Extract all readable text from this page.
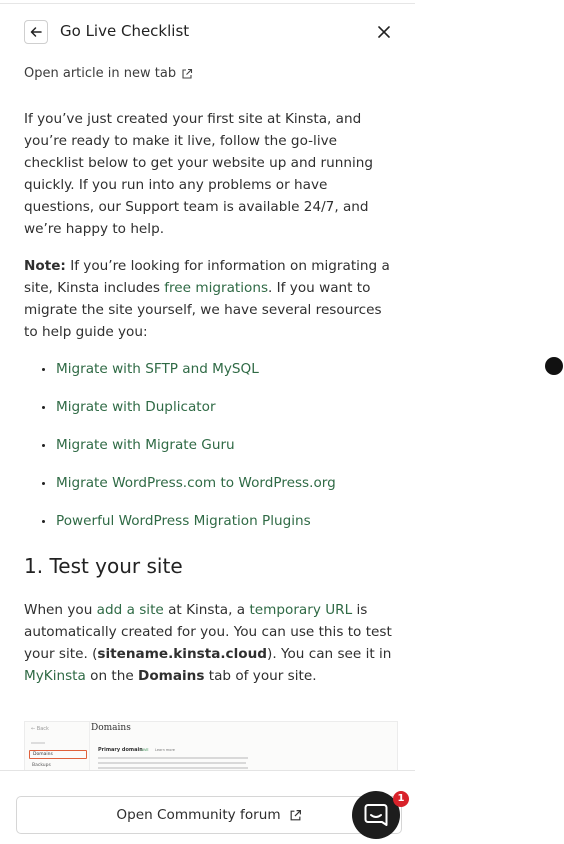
Go Live Checklist
Open article in new tab

If you’ve just created your first site at Kinsta, and you’re ready to make it live, follow the go-live checklist below to get your website up and running quickly. If you run into any problems or have questions, our Support team is available 24/7, and we’re happy to help.

Note: If you’re looking for information on migrating a site, Kinsta includes free migrations. If you want to migrate the site yourself, we have several resources to help guide you:

Migrate with SFTP and MySQL
Migrate with Duplicator
Migrate with Migrate Guru
Migrate WordPress.com to WordPress.org
Powerful WordPress Migration Plugins
1. Test your site

When you add a site at Kinsta, a temporary URL is automatically created for you. You can use this to test your site. (sitename.kinsta.cloud). You can see it in MyKinsta on the Domains tab of your site.

← Back
Domains
Backups
Domains
Primary domain
LIVE Learn more
Open Community forum
1
